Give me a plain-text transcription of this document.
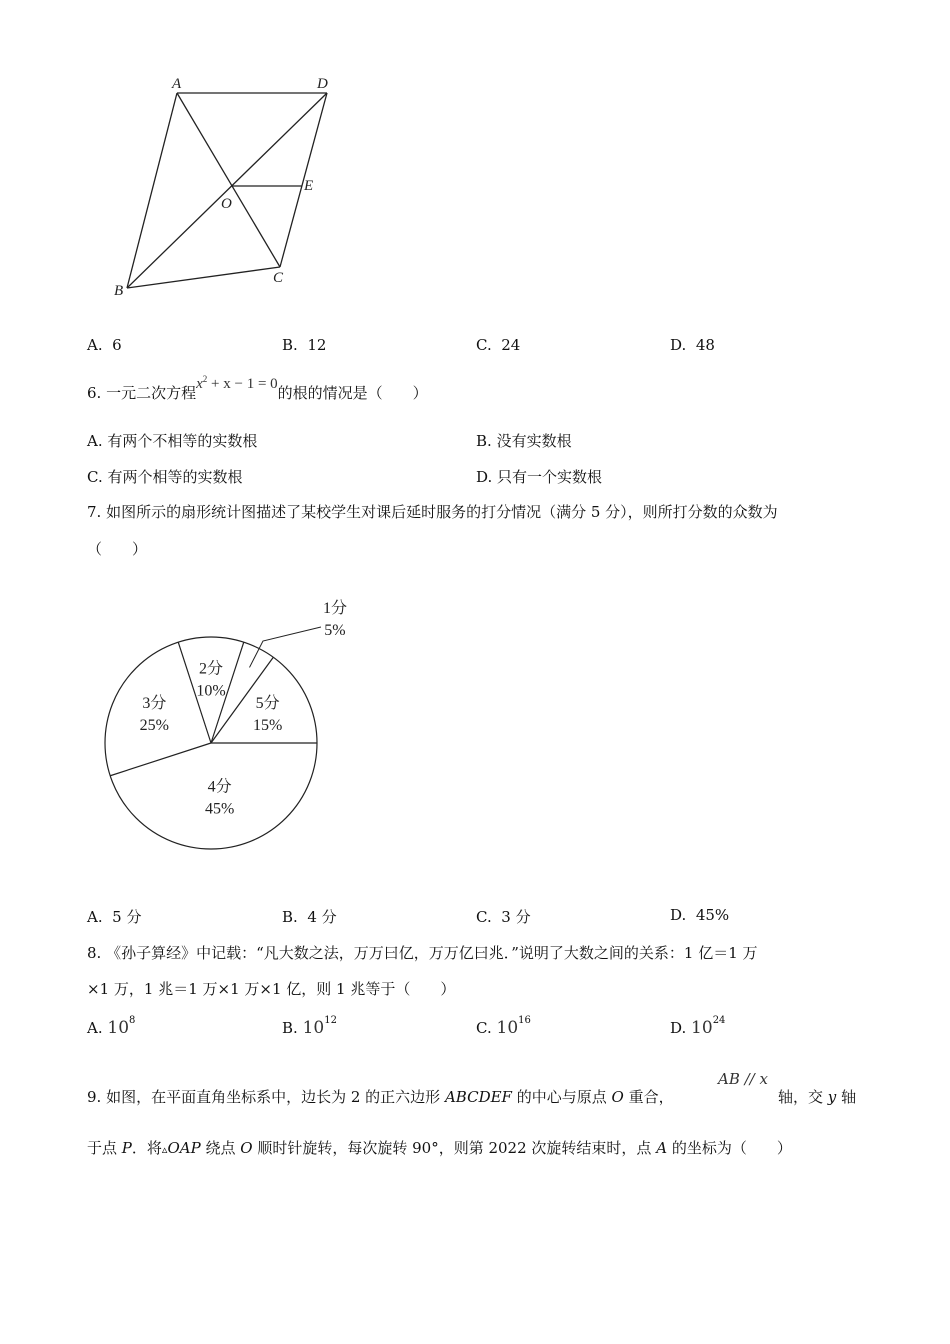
A	D
E
O
C
B
A. 6	B. 12	C. 24	D. 48
6. 一元二次方程$x^2 + x - 1 = 0$的根的情况是（　　）
A. 有两个不相等的实数根	B. 没有实数根
C. 有两个相等的实数根	D. 只有一个实数根
7. 如图所示的扇形统计图描述了某校学生对课后延时服务的打分情况（满分 5 分），则所打分数的众数为
（　　）
1分
5%
2分
10%
3分
25%
4分
45%
5分
15%
A. 5 分	B. 4 分	C. 3 分	D. 45%
8. 《孙子算经》中记载：“凡大数之法，万万曰亿，万万亿曰兆．”说明了大数之间的关系：1 亿＝1 万
×1 万，1 兆＝1 万×1 万×1 亿，则 1 兆等于（　　）
A. $10^8$	B. $10^{12}$	C. $10^{16}$	D. $10^{24}$
9. 如图，在平面直角坐标系中，边长为 2 的正六边形 ABCDEF 的中心与原点 O 重合，
AB // x
轴，交 y 轴
于点 P．将▵OAP 绕点 O 顺时针旋转，每次旋转 90°，则第 2022 次旋转结束时，点 A 的坐标为（　　）
